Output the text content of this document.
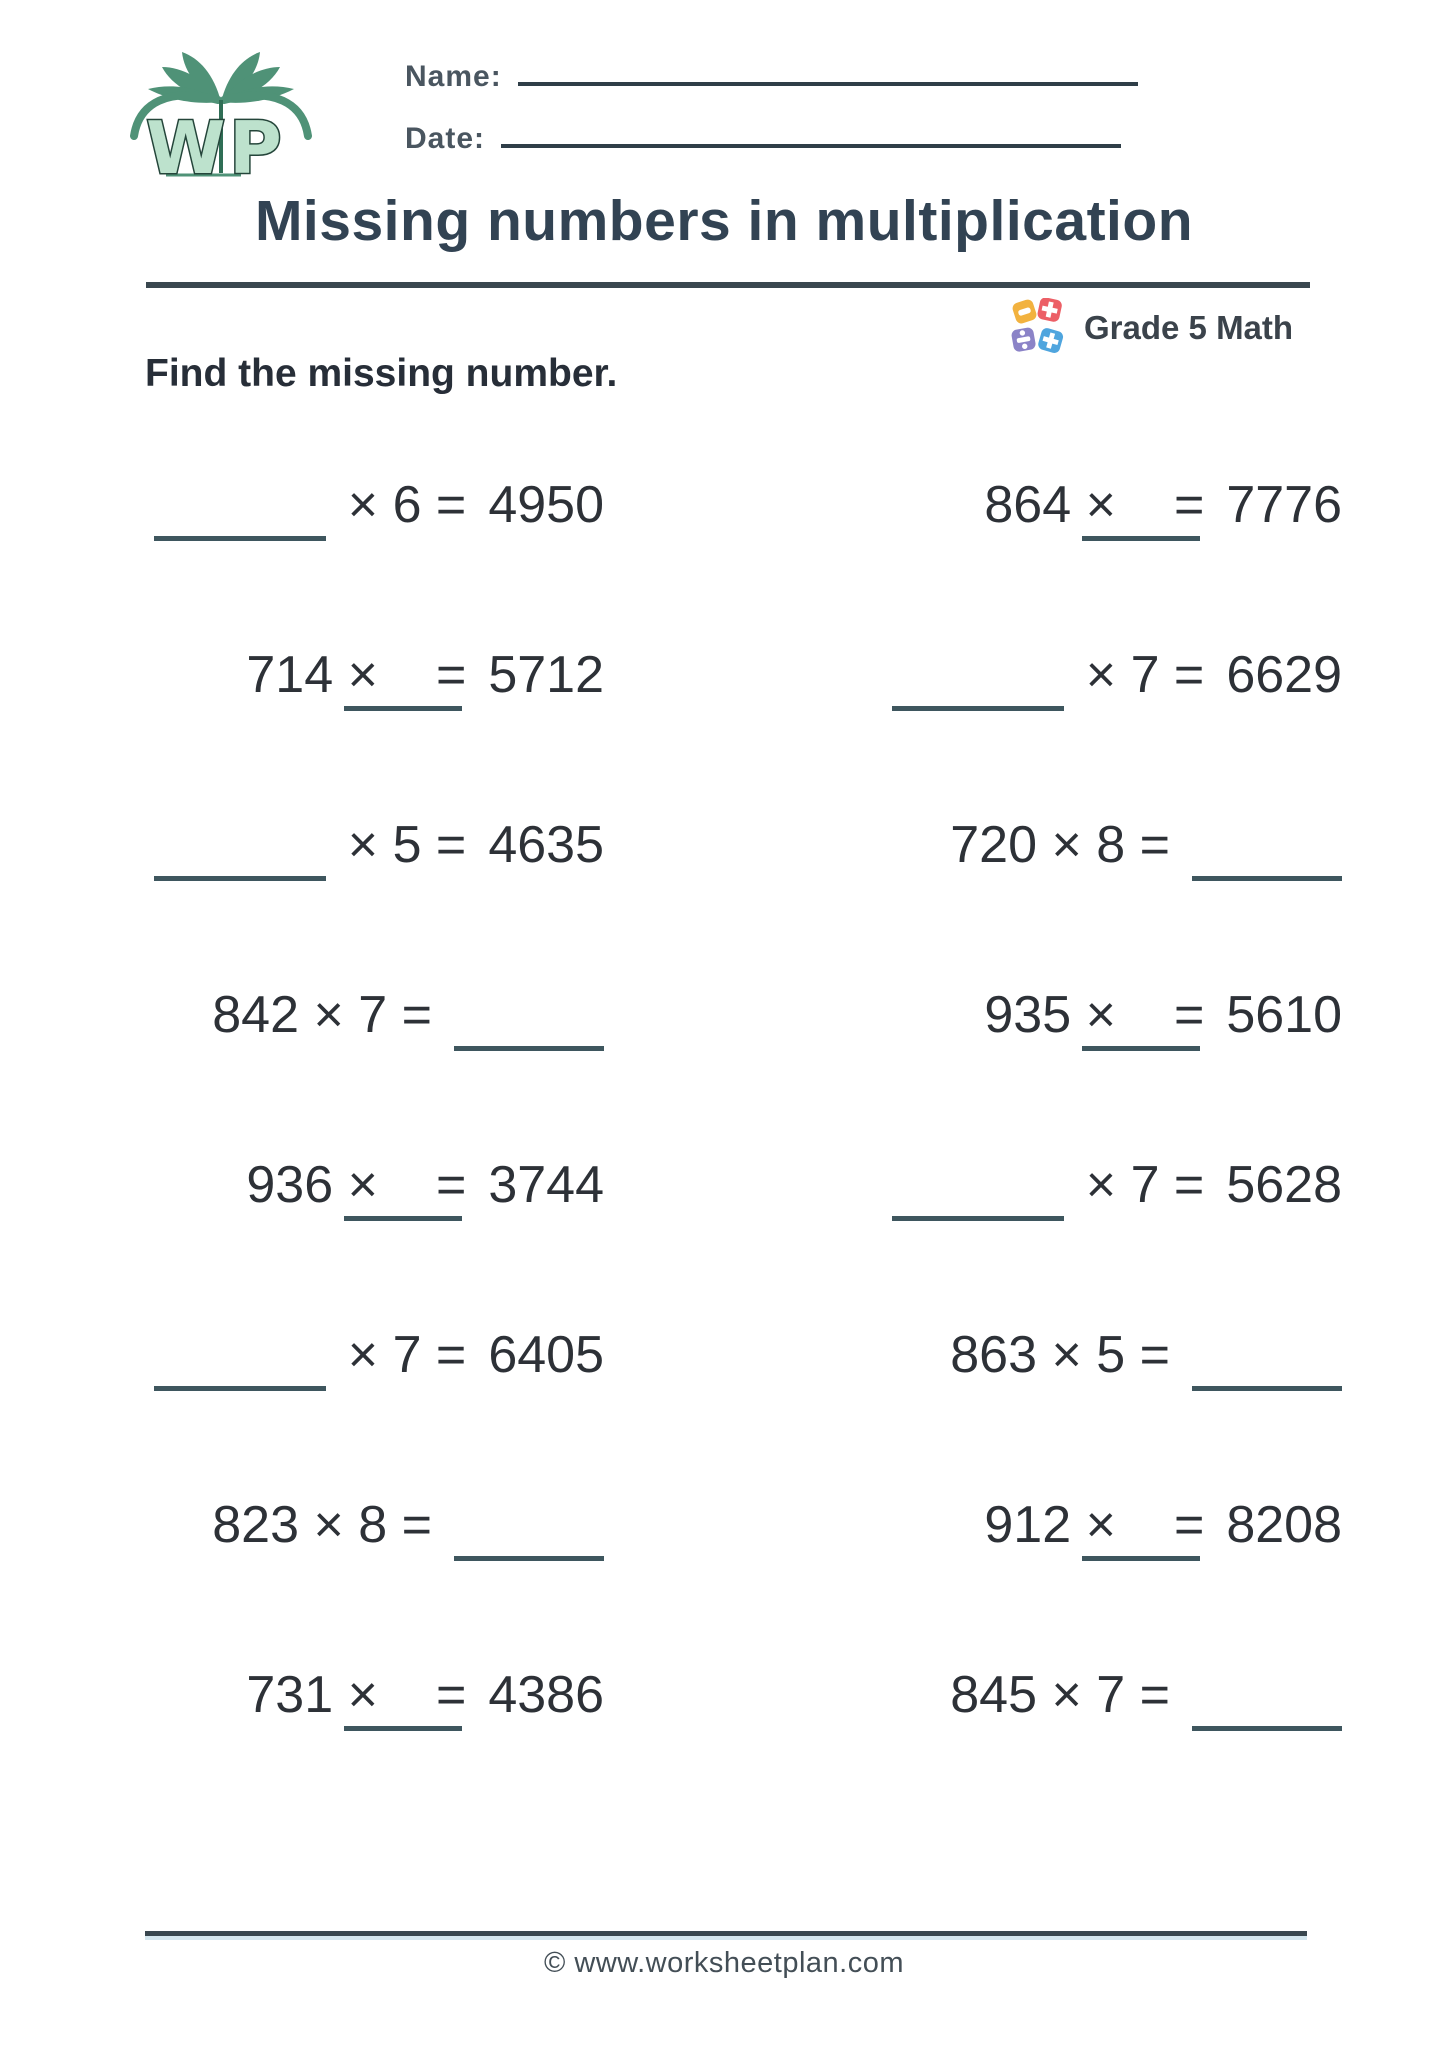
W P
Name:
Date:
Missing numbers in multiplication
Grade 5 Math

Find the missing number.

× 6 = 4950
714 × = 5712
× 5 = 4635
842 × 7 =
936 × = 3744
× 7 = 6405
823 × 8 =
731 × = 4386
864 × = 7776
× 7 = 6629
720 × 8 =
935 × = 5610
× 7 = 5628
863 × 5 =
912 × = 8208
845 × 7 =

© www.worksheetplan.com
